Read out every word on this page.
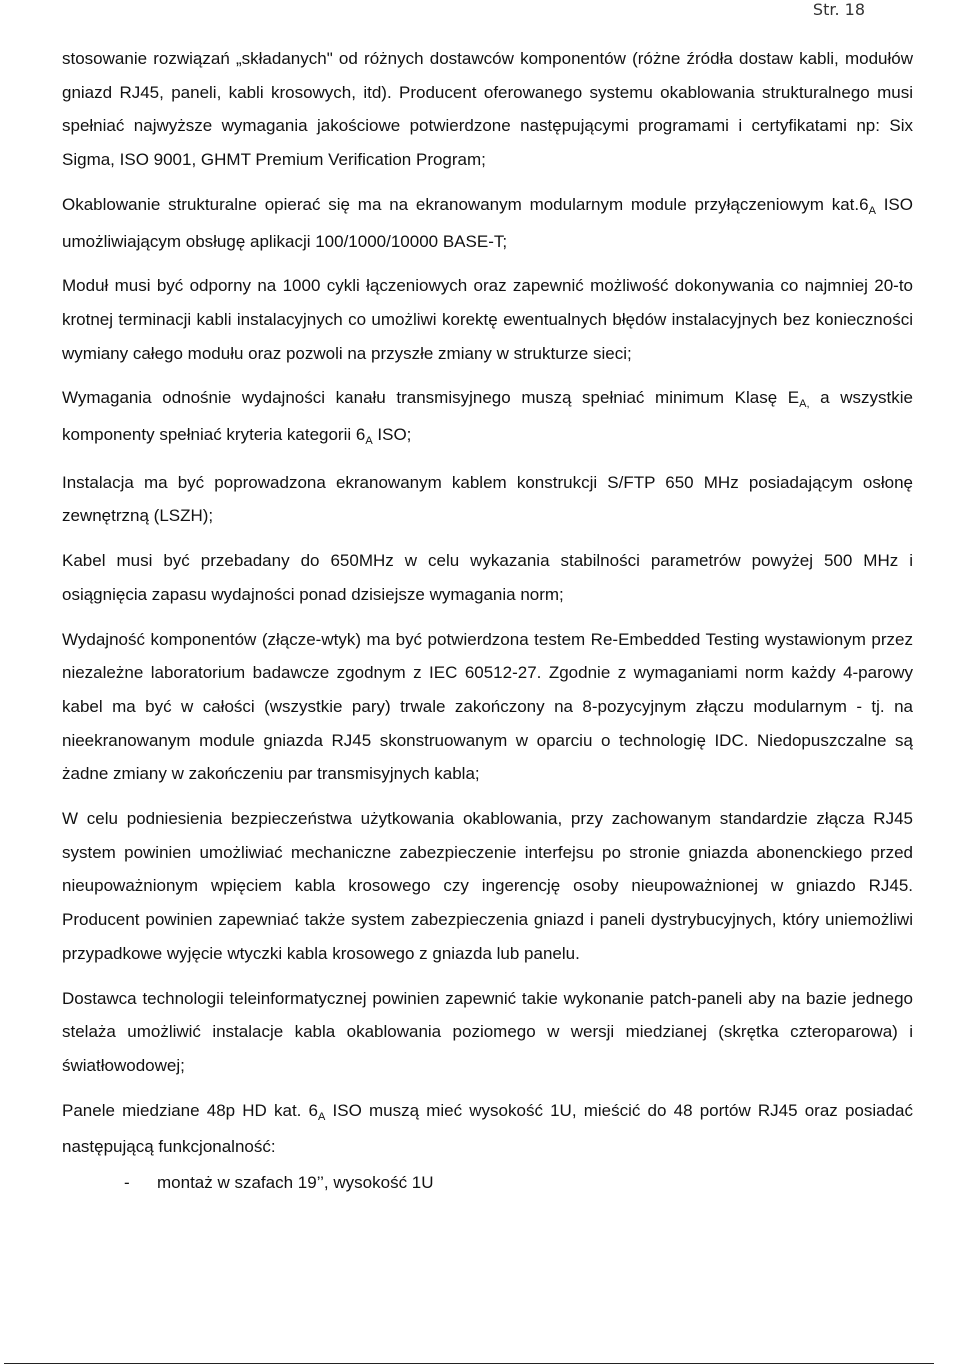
Str. 18

stosowanie rozwiązań „składanych" od różnych dostawców komponentów (różne źródła dostaw kabli, modułów gniazd RJ45, paneli, kabli krosowych, itd). Producent oferowanego systemu okablowania strukturalnego musi spełniać najwyższe wymagania jakościowe potwierdzone następującymi programami i certyfikatami np: Six Sigma, ISO 9001, GHMT Premium Verification Program;

Okablowanie strukturalne opierać się ma na ekranowanym modularnym module przyłączeniowym $kat.6_A$ ISO umożliwiającym obsługę aplikacji 100/1000/10000 BASE-T;

Moduł musi być odporny na 1000 cykli łączeniowych oraz zapewnić możliwość dokonywania co najmniej 20-to krotnej terminacji kabli instalacyjnych co umożliwi korektę ewentualnych błędów instalacyjnych bez konieczności wymiany całego modułu oraz pozwoli na przyszłe zmiany w strukturze sieci;

Wymagania odnośnie wydajności kanału transmisyjnego muszą spełniać minimum Klasę $E_{A,}$ a wszystkie komponenty spełniać kryteria kategorii $6_A$ ISO;

Instalacja ma być poprowadzona ekranowanym kablem konstrukcji S/FTP 650 MHz posiadającym osłonę zewnętrzną (LSZH);

Kabel musi być przebadany do 650MHz w celu wykazania stabilności parametrów powyżej 500 MHz i osiągnięcia zapasu wydajności ponad dzisiejsze wymagania norm;

Wydajność komponentów (złącze-wtyk) ma być potwierdzona testem Re-Embedded Testing wystawionym przez niezależne laboratorium badawcze zgodnym z IEC 60512-27. Zgodnie z wymaganiami norm każdy 4-parowy kabel ma być w całości (wszystkie pary) trwale zakończony na 8-pozycyjnym złączu modularnym - tj. na nieekranowanym module gniazda RJ45 skonstruowanym w oparciu o technologię IDC. Niedopuszczalne są żadne zmiany w zakończeniu par transmisyjnych kabla;

W celu podniesienia bezpieczeństwa użytkowania okablowania, przy zachowanym standardzie złącza RJ45 system powinien umożliwiać mechaniczne zabezpieczenie interfejsu po stronie gniazda abonenckiego przed nieupoważnionym wpięciem kabla krosowego czy ingerencję osoby nieupoważnionej w gniazdo RJ45. Producent powinien zapewniać także system zabezpieczenia gniazd i paneli dystrybucyjnych, który uniemożliwi przypadkowe wyjęcie wtyczki kabla krosowego z gniazda lub panelu.

Dostawca technologii teleinformatycznej powinien zapewnić takie wykonanie patch-paneli aby na bazie jednego stelaża umożliwić instalacje kabla okablowania poziomego w wersji miedzianej (skrętka czteroparowa) i światłowodowej;

Panele miedziane 48p HD kat. $6_A$ ISO muszą mieć wysokość 1U, mieścić do 48 portów RJ45 oraz posiadać następującą funkcjonalność:

-	montaż w szafach 19’’, wysokość 1U
